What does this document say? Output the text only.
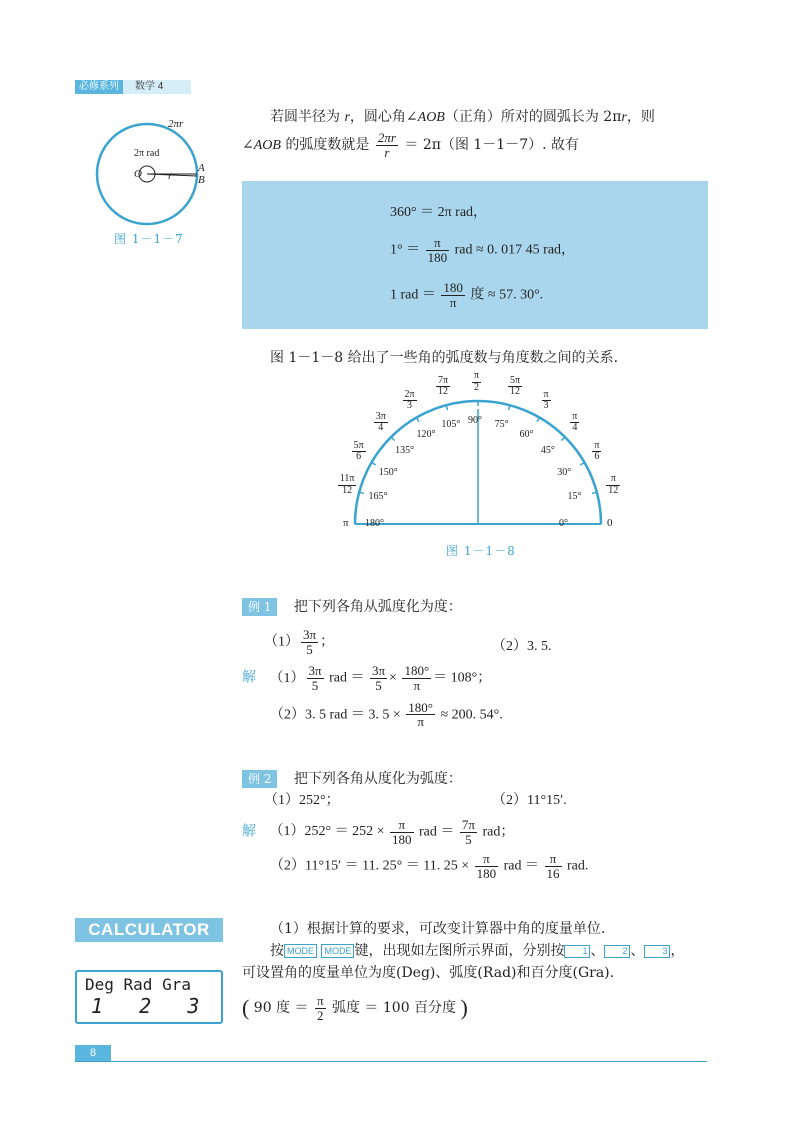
必修系列	数学 4
2πr
2π rad
O r
A
B
图 1－1－7
若圆半径为 r，圆心角∠AOB（正角）所对的圆弧长为 2πr，则
∠AOB 的弧度数就是 $\frac{2\pi r}{r} = 2\pi$（图 1－1－7）. 故有
360° ＝ 2π rad，
$1^\circ = \frac{\pi}{180}$ rad ≈ 0. 017 45 rad，
1 rad ＝ $\frac{180}{\pi}$ 度 ≈ 57. 30°.
图 1－1－8 给出了一些角的弧度数与角度数之间的关系.
图 1－1－8
0°
15°
30°
45°
60°
75°
90°
105°
120°
135°
150°
165°
180°
π	0
$\frac{\pi}{12}$
$\frac{\pi}{6}$
$\frac{\pi}{4}$
$\frac{\pi}{3}$
$\frac{5\pi}{12}$
$\frac{\pi}{2}$
$\frac{7\pi}{12}$
$\frac{2\pi}{3}$
$\frac{3\pi}{4}$
$\frac{5\pi}{6}$
$\frac{11\pi}{12}$
例 1 把下列各角从弧度化为度：
$(1) \frac{3\pi}{5}$ ；	（2）3. 5.
解 $(1) \frac{3\pi}{5}$ rad ＝ $\frac{3\pi}{5} \times \frac{180^\circ}{\pi} = 108^\circ$；
（2）3. 5 rad ＝ 3. $5 \times \frac{180^\circ}{\pi} \approx 200$. 54°.
例 2 把下列各角从度化为弧度：
（1）252°；	（2）11°15′.
解 $(1)252^\circ = 252 \times \frac{\pi}{180}$ rad ＝ $\frac{7\pi}{5}$ rad；
（2）11°15′ ＝ 11. 25° ＝ 11. $25 \times \frac{\pi}{180}$ rad ＝ $\frac{\pi}{16}$ rad.
CALCULATOR
Deg Rad Gra
1   2   3
（1）根据计算的要求，可改变计算器中角的度量单位.
按 MODE MODE 键，出现如左图所示界面，分别按 1 、 2 、 3 ，
可设置角的度量单位为度(Deg)、弧度(Rad)和百分度(Gra).
( 90 度 ＝ $\frac{\pi}{2}$ 弧度 ＝ 100 百分度 )
8
